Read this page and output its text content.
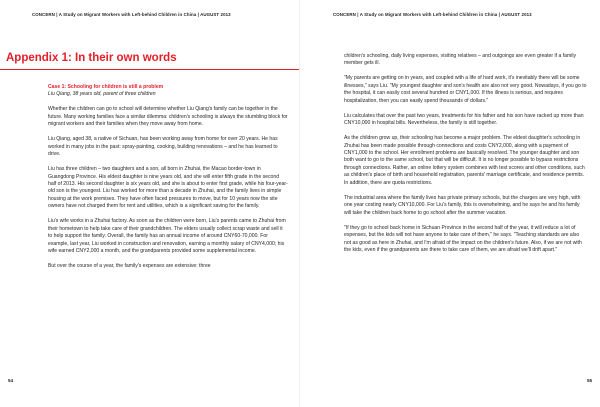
CONCERN | A Study on Migrant Workers with Left-behind Children in China | AUGUST 2013
Appendix 1: In their own words

Case 1: Schooling for children is still a problem

Liu Qiang, 38 years old, parent of three children

Whether the children can go to school will determine whether Liu Qiang's family can be together in the future. Many working families face a similar dilemma: children's schooling is always the stumbling block for migrant workers and their families when they move away from home.

Liu Qiang, aged 38, a native of Sichuan, has been working away from home for over 20 years. He has worked in many jobs in the past: spray-painting, cooking, building renovations – and he has learned to drive.

Liu has three children – two daughters and a son, all born in Zhuhai, the Macao border-town in Guangdong Province. His eldest daughter is nine years old, and she will enter fifth grade in the second half of 2013. His second daughter is six years old, and she is about to enter first grade, while his four-year-old son is the youngest. Liu has worked for more than a decade in Zhuhai, and the family lives in simple housing at the work premises. They have often faced pressures to move, but for 10 years now the site owners have not charged them for rent and utilities, which is a significant saving for the family.

Liu's wife works in a Zhuhai factory. As soon as the children were born, Liu's parents came to Zhuhai from their hometown to help take care of their grandchildren. The elders usually collect scrap waste and sell it to help support the family. Overall, the family has an annual income of around CNY60-70,000. For example, last year, Liu worked in construction and renovation, earning a monthly salary of CNY4,000; his wife earned CNY2,000 a month, and the grandparents provided some supplemental income.

But over the course of a year, the family's expenses are extensive: three

54
CONCERN | A Study on Migrant Workers with Left-behind Children in China | AUGUST 2013

children's schooling, daily living expenses, visiting relatives – and outgoings are even greater if a family member gets ill.

"My parents are getting on in years, and coupled with a life of hard work, it's inevitably there will be some illnesses," says Liu. "My youngest daughter and son's health are also not very good. Nowadays, if you go to the hospital, it can easily cost several hundred or CNY1,000. If the illness is serious, and requires hospitalization, then you can easily spend thousands of dollars."

Liu calculates that over the past two years, treatments for his father and his son have racked up more than CNY10,000 in hospital bills. Nevertheless, the family is still together.

As the children grow up, their schooling has become a major problem. The eldest daughter's schooling in Zhuhai has been made possible through connections and costs CNY2,000, along with a payment of CNY1,000 to the school. Her enrollment problems are basically resolved. The younger daughter and son both want to go to the same school, but that will be difficult. It is no longer possible to bypass restrictions through connections. Rather, an online lottery system combines with test scores and other conditions, such as children's place of birth and household registration, parents' marriage certificate, and residence permits. In addition, there are quota restrictions.

The industrial area where the family lives has private primary schools, but the charges are very high, with one year costing nearly CNY10,000. For Liu's family, this is overwhelming, and he says he and his family will take the children back home to go school after the summer vacation.

"If they go to school back home in Sichuan Province in the second half of the year, it will reduce a lot of expenses, but the kids will not have anyone to take care of them," he says. "Teaching standards are also not as good as here in Zhuhai, and I'm afraid of the impact on the children's future. Also, if we are not with the kids, even if the grandparents are there to take care of them, we are afraid we'll drift apart."

55
